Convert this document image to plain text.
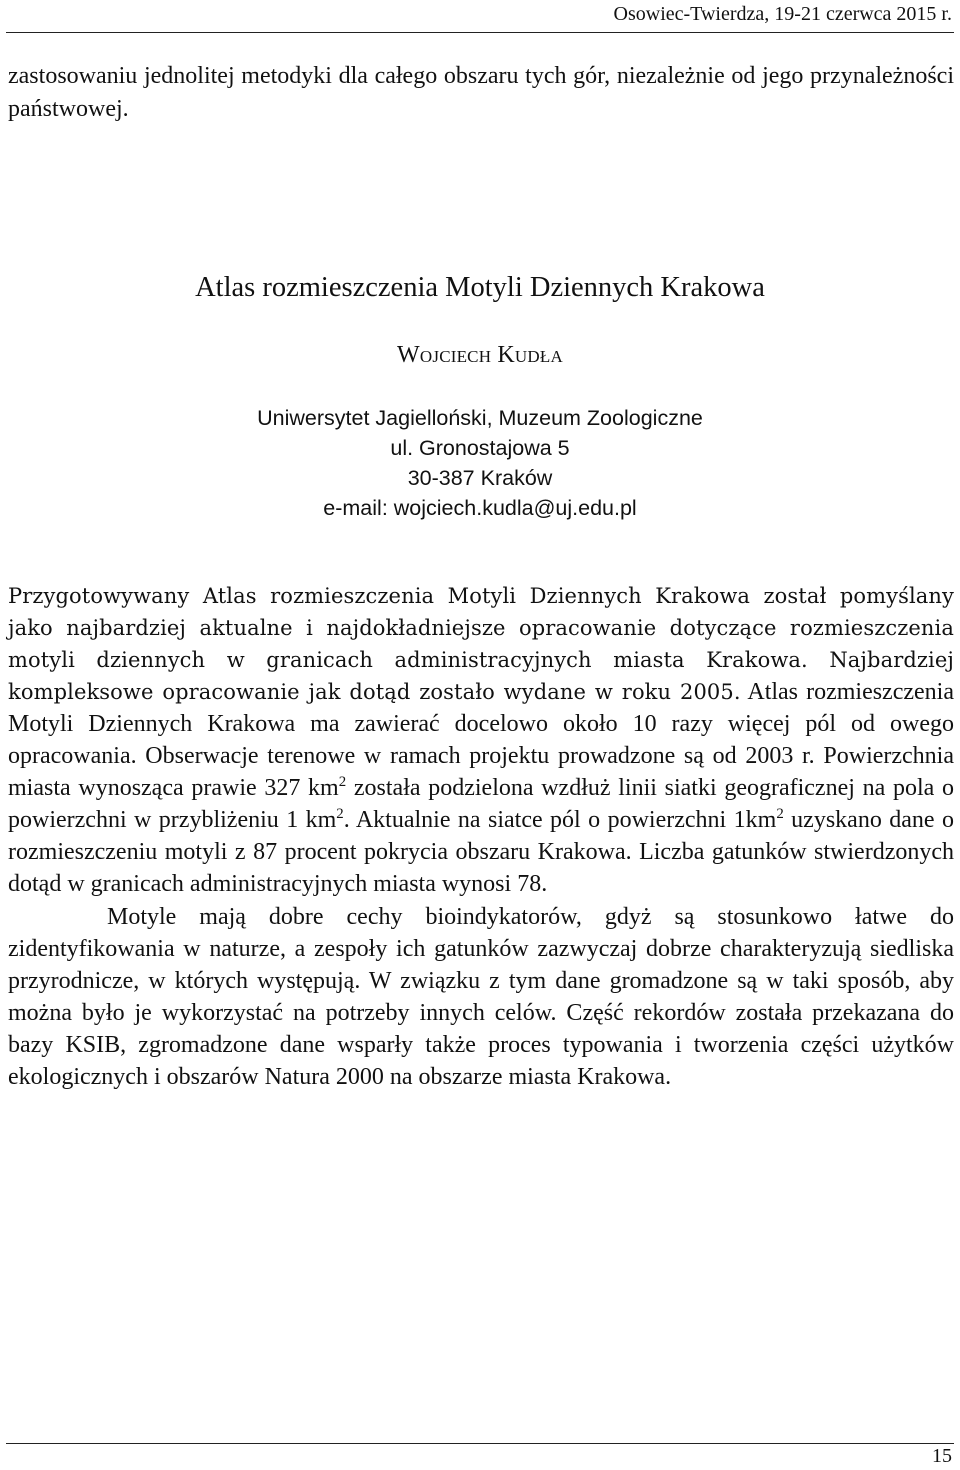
Osowiec-Twierdza, 19-21 czerwca 2015 r.
zastosowaniu jednolitej metodyki dla całego obszaru tych gór, niezależnie od jego przynależności państwowej.
Atlas rozmieszczenia Motyli Dziennych Krakowa
Wojciech Kudła
Uniwersytet Jagielloński, Muzeum Zoologiczne
ul. Gronostajowa 5
30-387 Kraków
e-mail: wojciech.kudla@uj.edu.pl

Przygotowywany Atlas rozmieszczenia Motyli Dziennych Krakowa został pomyślany jako najbardziej aktualne i najdokładniejsze opracowanie dotyczące rozmieszczenia motyli dziennych w granicach administracyjnych miasta Krakowa. Najbardziej kompleksowe opracowanie jak dotąd zostało wydane w roku 2005. Atlas rozmieszczenia Motyli Dziennych Krakowa ma zawierać docelowo około 10 razy więcej pól od owego opracowania. Obserwacje terenowe w ramach projektu prowadzone są od 2003 r. Powierzchnia miasta wynosząca prawie 327 $km^2$ została podzielona wzdłuż linii siatki geograficznej na pola o powierzchni w przybliżeniu 1 $km^2$. Aktualnie na siatce pól o powierzchni $1km^2$ uzyskano dane o rozmieszczeniu motyli z 87 procent pokrycia obszaru Krakowa. Liczba gatunków stwierdzonych dotąd w granicach administracyjnych miasta wynosi 78.

Motyle mają dobre cechy bioindykatorów, gdyż są stosunkowo łatwe do zidentyfikowania w naturze, a zespoły ich gatunków zazwyczaj dobrze charakteryzują siedliska przyrodnicze, w których występują. W związku z tym dane gromadzone są w taki sposób, aby można było je wykorzystać na potrzeby innych celów. Część rekordów została przekazana do bazy KSIB, zgromadzone dane wsparły także proces typowania i tworzenia części użytków ekologicznych i obszarów Natura 2000 na obszarze miasta Krakowa.

15
